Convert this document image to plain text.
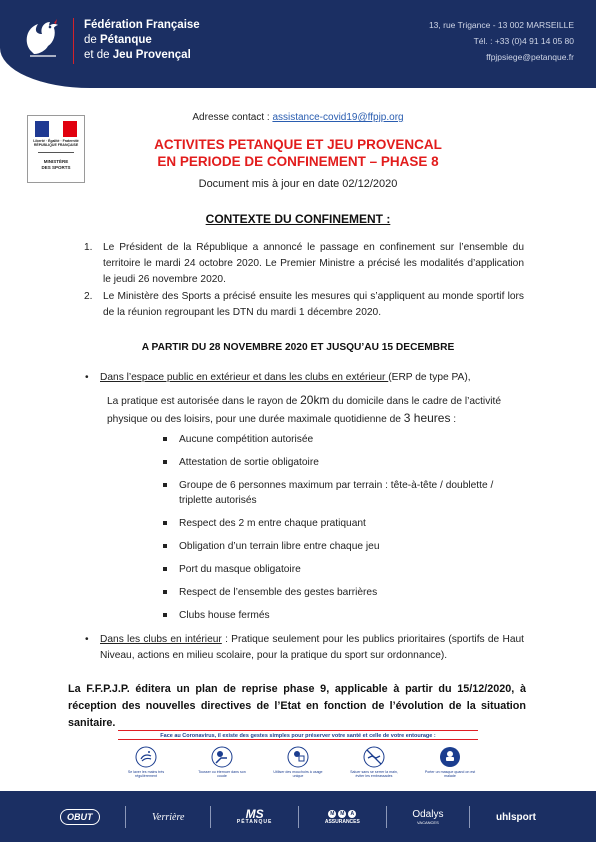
Fédération Française
de Pétanque
et de Jeu Provençal
13, rue Trigance - 13 002 MARSEILLE
Tél. : +33 (0)4 91 14 05 80
ffpjpsiege@petanque.fr
Liberté · Égalité · Fraternité
RÉPUBLIQUE FRANÇAISE
MINISTÈRE
DES SPORTS
Adresse contact : assistance-covid19@ffpjp.org
ACTIVITES PETANQUE ET JEU PROVENCAL
EN PERIODE DE CONFINEMENT – PHASE 8
Document mis à jour en date 02/12/2020
CONTEXTE DU CONFINEMENT :
1. Le Président de la République a annoncé le passage en confinement sur l’ensemble du territoire le mardi 24 octobre 2020. Le Premier Ministre a précisé les modalités d’application le jeudi 26 novembre 2020.
2. Le Ministère des Sports a précisé ensuite les mesures qui s’appliquent au monde sportif lors de la réunion regroupant les DTN du mardi 1 décembre 2020.
A PARTIR DU 28 NOVEMBRE 2020 ET JUSQU’AU 15 DECEMBRE
• Dans l’espace public en extérieur et dans les clubs en extérieur (ERP de type PA),
La pratique est autorisée dans le rayon de 20km du domicile dans le cadre de l’activité physique ou des loisirs, pour une durée maximale quotidienne de 3 heures :
Aucune compétition autorisée
Attestation de sortie obligatoire
Groupe de 6 personnes maximum par terrain : tête-à-tête / doublette / triplette autorisés
Respect des 2 m entre chaque pratiquant
Obligation d’un terrain libre entre chaque jeu
Port du masque obligatoire
Respect de l’ensemble des gestes barrières
Clubs house fermés
• Dans les clubs en intérieur : Pratique seulement pour les publics prioritaires (sportifs de Haut Niveau, actions en milieu scolaire, pour la pratique du sport sur ordonnance).
La F.F.P.J.P. éditera un plan de reprise phase 9, applicable à partir du 15/12/2020, à réception des nouvelles directives de l’Etat en fonction de l’évolution de la situation sanitaire.
Face au Coronavirus, il existe des gestes simples pour préserver votre santé et celle de votre entourage :
Se laver les mains très régulièrement
Tousser ou éternuer dans son coude
Utiliser des mouchoirs à usage unique
Saluer sans se serrer la main, éviter les embrassades
Porter un masque quand on est malade
OBUT	Verrière	MS
PÉTANQUE
M	M	A
ASSURANCES
Odalys
VACANCES	uhlsport
